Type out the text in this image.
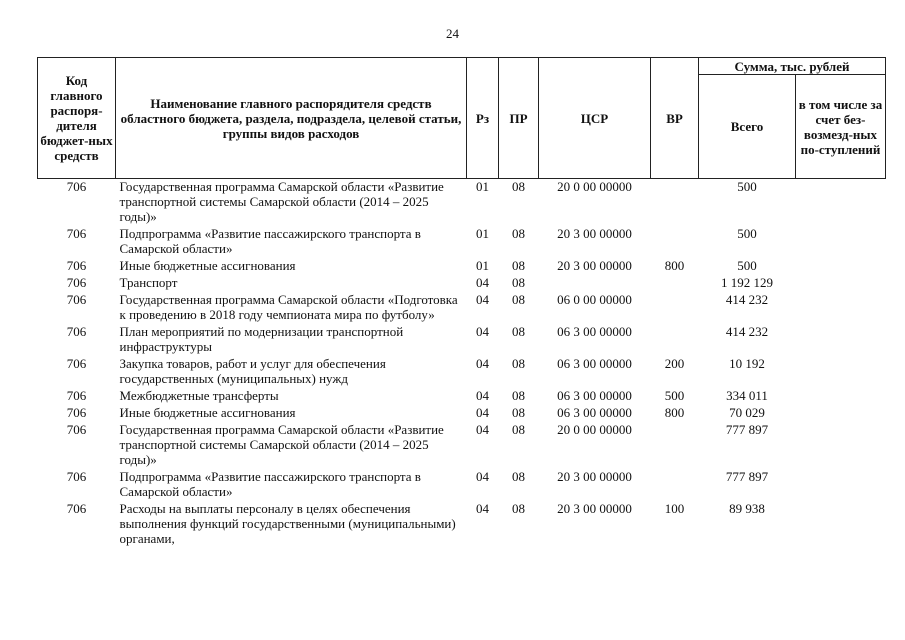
24
Код главного распоря-дителя бюджет-ных средств	Наименование главного распорядителя средств областного бюджета, раздела, подраздела, целевой статьи, группы видов расходов	Рз	ПР	ЦСР	ВР	Сумма, тыс. рублей	
						Всего	в том числе за счет без-возмезд-ных по-ступлений
706	Государственная программа Самарской области «Развитие транспортной системы Самарской области (2014 – 2025 годы)»	01	08	20 0 00 00000		500	
706	Подпрограмма «Развитие пассажирского транспорта в Самарской области»	01	08	20 3 00 00000		500	
706	Иные бюджетные ассигнования	01	08	20 3 00 00000	800	500	
706	Транспорт	04	08			1 192 129	
706	Государственная программа Самарской области «Подготовка к проведению в 2018 году чемпионата мира по футболу»	04	08	06 0 00 00000		414 232	
706	План мероприятий по модернизации транспортной инфраструктуры	04	08	06 3 00 00000		414 232	
706	Закупка товаров, работ и услуг для обеспечения государственных (муниципальных) нужд	04	08	06 3 00 00000	200	10 192	
706	Межбюджетные трансферты	04	08	06 3 00 00000	500	334 011	
706	Иные бюджетные ассигнования	04	08	06 3 00 00000	800	70 029	
706	Государственная программа Самарской области «Развитие транспортной системы Самарской области (2014 – 2025 годы)»	04	08	20 0 00 00000		777 897	
706	Подпрограмма «Развитие пассажирского транспорта в Самарской области»	04	08	20 3 00 00000		777 897	
706	Расходы на выплаты персоналу в целях обеспечения выполнения функций государственными (муниципальными) органами,	04	08	20 3 00 00000	100	89 938	
